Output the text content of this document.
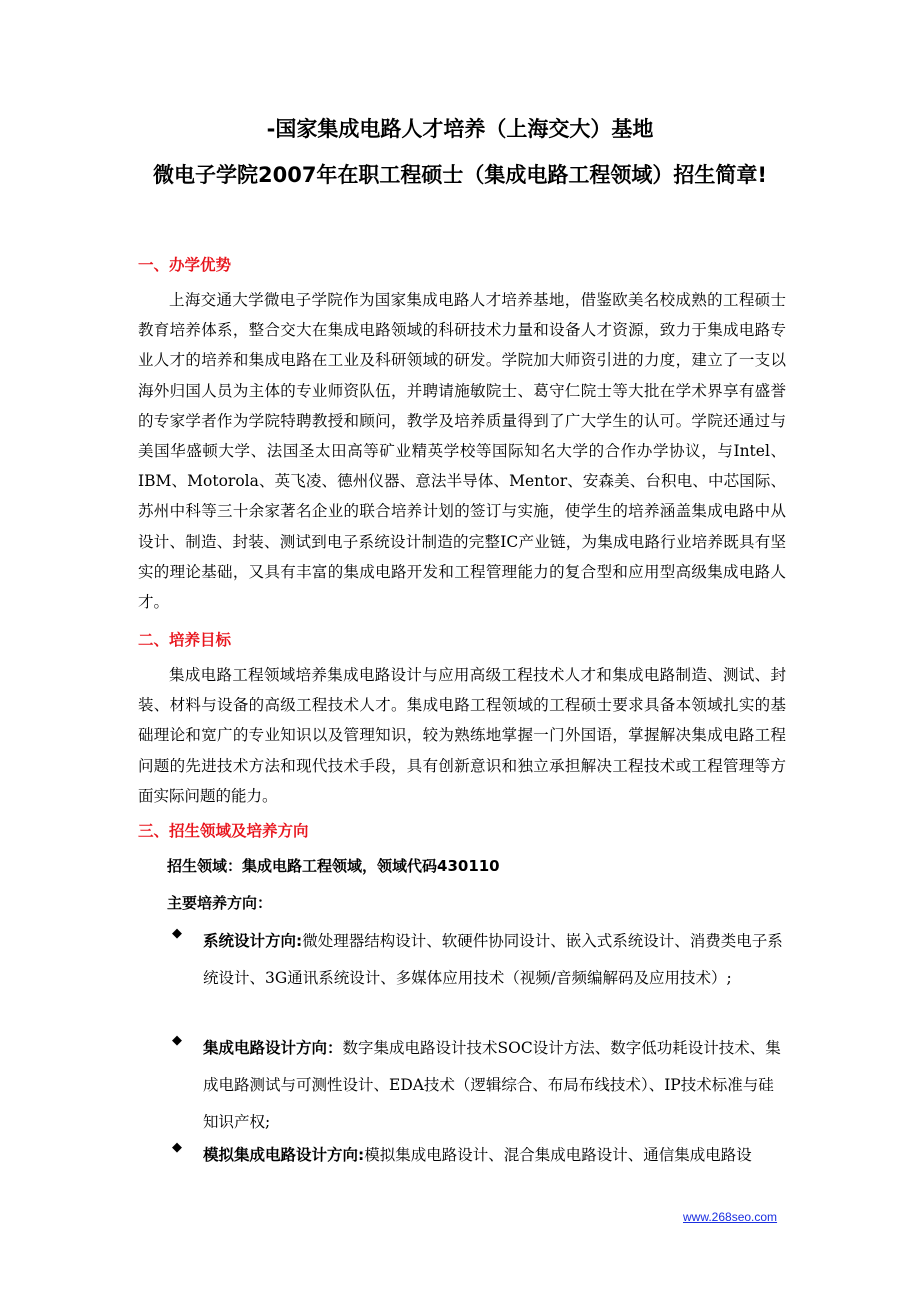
-国家集成电路人才培养（上海交大）基地
微电子学院2007年在职工程硕士（集成电路工程领域）招生简章!
一、办学优势

上海交通大学微电子学院作为国家集成电路人才培养基地，借鉴欧美名校成熟的工程硕士教育培养体系，整合交大在集成电路领域的科研技术力量和设备人才资源，致力于集成电路专业人才的培养和集成电路在工业及科研领域的研发。学院加大师资引进的力度，建立了一支以海外归国人员为主体的专业师资队伍，并聘请施敏院士、葛守仁院士等大批在学术界享有盛誉的专家学者作为学院特聘教授和顾问，教学及培养质量得到了广大学生的认可。学院还通过与美国华盛顿大学、法国圣太田高等矿业精英学校等国际知名大学的合作办学协议，与Intel、IBM、Motorola、英飞凌、德州仪器、意法半导体、Mentor、安森美、台积电、中芯国际、苏州中科等三十余家著名企业的联合培养计划的签订与实施，使学生的培养涵盖集成电路中从设计、制造、封装、测试到电子系统设计制造的完整IC产业链，为集成电路行业培养既具有坚实的理论基础，又具有丰富的集成电路开发和工程管理能力的复合型和应用型高级集成电路人才。

二、培养目标

集成电路工程领域培养集成电路设计与应用高级工程技术人才和集成电路制造、测试、封装、材料与设备的高级工程技术人才。集成电路工程领域的工程硕士要求具备本领域扎实的基础理论和宽广的专业知识以及管理知识，较为熟练地掌握一门外国语，掌握解决集成电路工程问题的先进技术方法和现代技术手段，具有创新意识和独立承担解决工程技术或工程管理等方面实际问题的能力。

三、招生领域及培养方向
招生领域：集成电路工程领域，领域代码430110
主要培养方向：
◆ 系统设计方向:微处理器结构设计、软硬件协同设计、嵌入式系统设计、消费类电子系统设计、3G通讯系统设计、多媒体应用技术（视频/音频编解码及应用技术）;

◆ 集成电路设计方向：数字集成电路设计技术SOC设计方法、数字低功耗设计技术、集成电路测试与可测性设计、EDA技术（逻辑综合、布局布线技术）、IP技术标准与硅知识产权;

◆ 模拟集成电路设计方向:模拟集成电路设计、混合集成电路设计、通信集成电路设

www.268seo.com
